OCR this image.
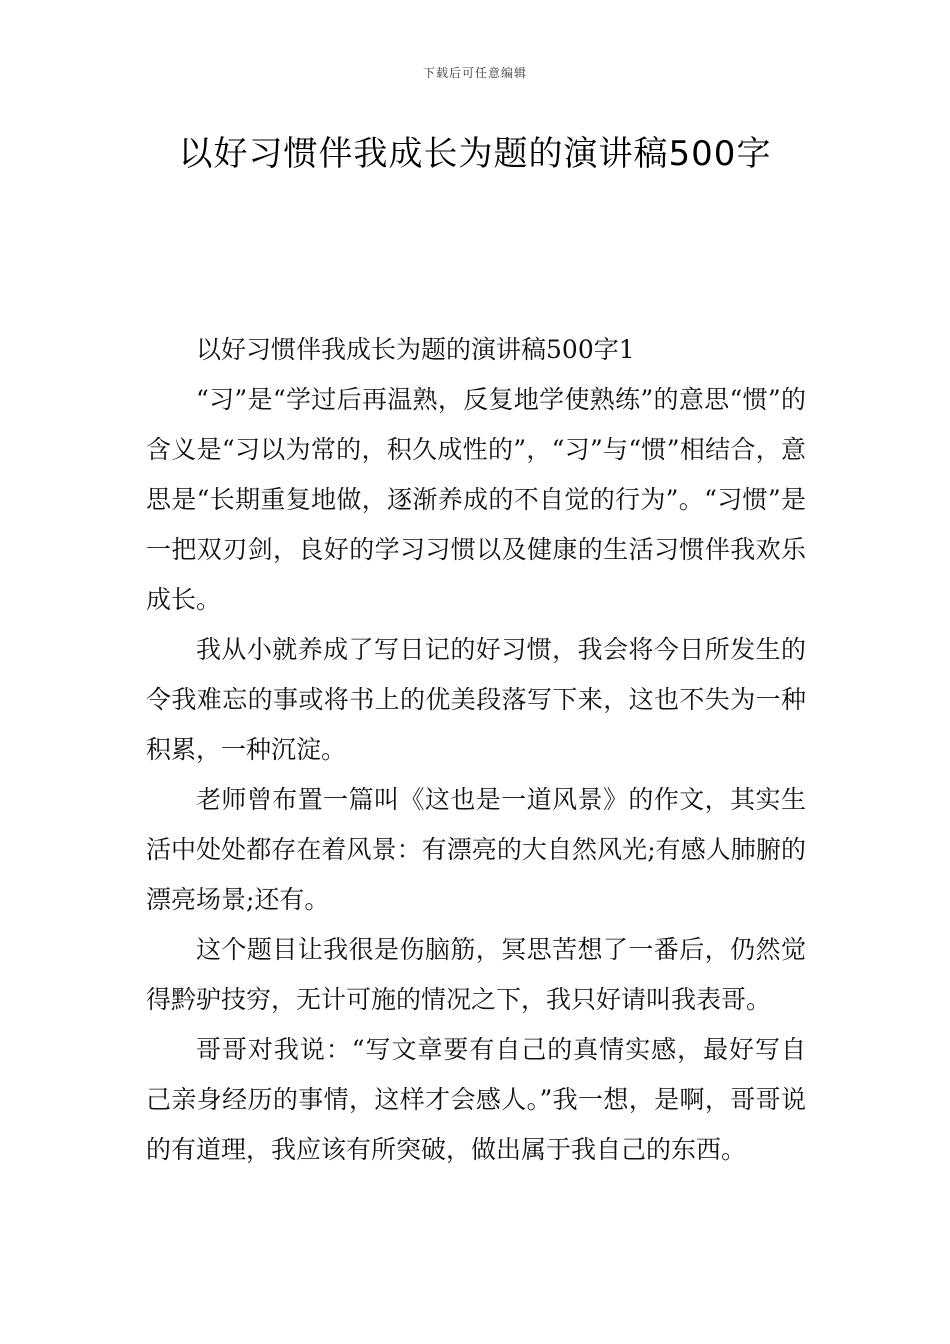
下载后可任意编辑
以好习惯伴我成长为题的演讲稿500字

以好习惯伴我成长为题的演讲稿500字1

“习”是“学过后再温熟，反复地学使熟练”的意思“惯”的含义是“习以为常的，积久成性的”，“习”与“惯”相结合，意思是“长期重复地做，逐渐养成的不自觉的行为”。“习惯”是一把双刃剑，良好的学习习惯以及健康的生活习惯伴我欢乐成长。

我从小就养成了写日记的好习惯，我会将今日所发生的令我难忘的事或将书上的优美段落写下来，这也不失为一种积累，一种沉淀。

老师曾布置一篇叫《这也是一道风景》的作文，其实生活中处处都存在着风景：有漂亮的大自然风光;有感人肺腑的漂亮场景;还有。

这个题目让我很是伤脑筋，冥思苦想了一番后，仍然觉得黔驴技穷，无计可施的情况之下，我只好请叫我表哥。

哥哥对我说：“写文章要有自己的真情实感，最好写自己亲身经历的事情，这样才会感人。”我一想，是啊，哥哥说的有道理，我应该有所突破，做出属于我自己的东西。
